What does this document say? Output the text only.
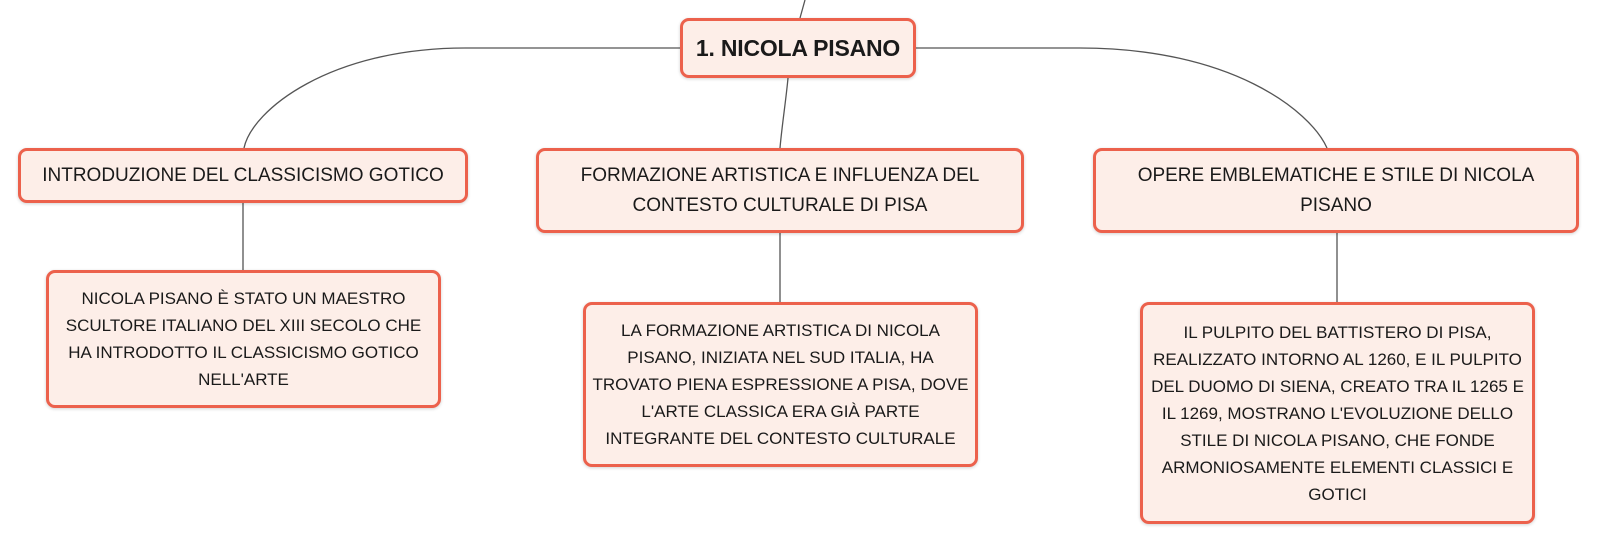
1. NICOLA PISANO
INTRODUZIONE DEL CLASSICISMO GOTICO	FORMAZIONE ARTISTICA E INFLUENZA DEL CONTESTO CULTURALE DI PISA
OPERE EMBLEMATICHE E STILE DI NICOLA PISANO
NICOLA PISANO È STATO UN MAESTRO SCULTORE ITALIANO DEL XIII SECOLO CHE HA INTRODOTTO IL CLASSICISMO GOTICO NELL'ARTE
LA FORMAZIONE ARTISTICA DI NICOLA PISANO, INIZIATA NEL SUD ITALIA, HA TROVATO PIENA ESPRESSIONE A PISA, DOVE L'ARTE CLASSICA ERA GIÀ PARTE INTEGRANTE DEL CONTESTO CULTURALE
IL PULPITO DEL BATTISTERO DI PISA, REALIZZATO INTORNO AL 1260, E IL PULPITO DEL DUOMO DI SIENA, CREATO TRA IL 1265 E IL 1269, MOSTRANO L'EVOLUZIONE DELLO STILE DI NICOLA PISANO, CHE FONDE ARMONIOSAMENTE ELEMENTI CLASSICI E GOTICI
